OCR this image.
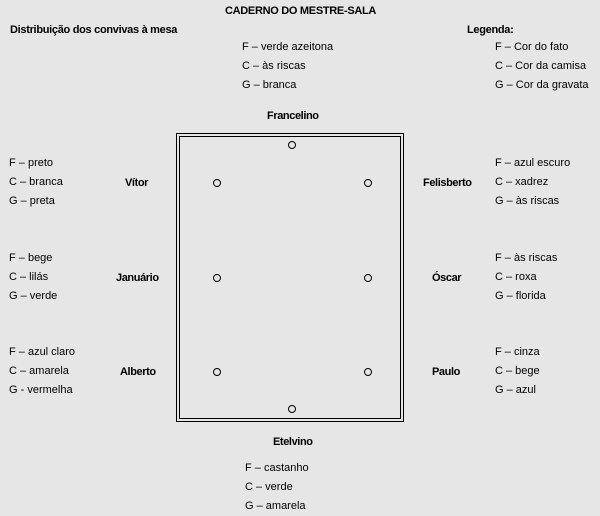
CADERNO DO MESTRE-SALA
Distribuição dos convivas à mesa	Legenda:
F – Cor do fato
C – Cor da camisa
G – Cor da gravata
F – verde azeitona
C – às riscas
G – branca
Francelino
F – preto
C – branca
G – preta
Vítor	Felisberto
F – azul escuro
C – xadrez
G – às riscas
F – bege
C – lilás
G – verde
Januário	Óscar
F – às riscas
C – roxa
G – florida
F – azul claro
C – amarela
G - vermelha
Alberto	Paulo
F – cinza
C – bege
G – azul
Etelvino
F – castanho
C – verde
G – amarela
